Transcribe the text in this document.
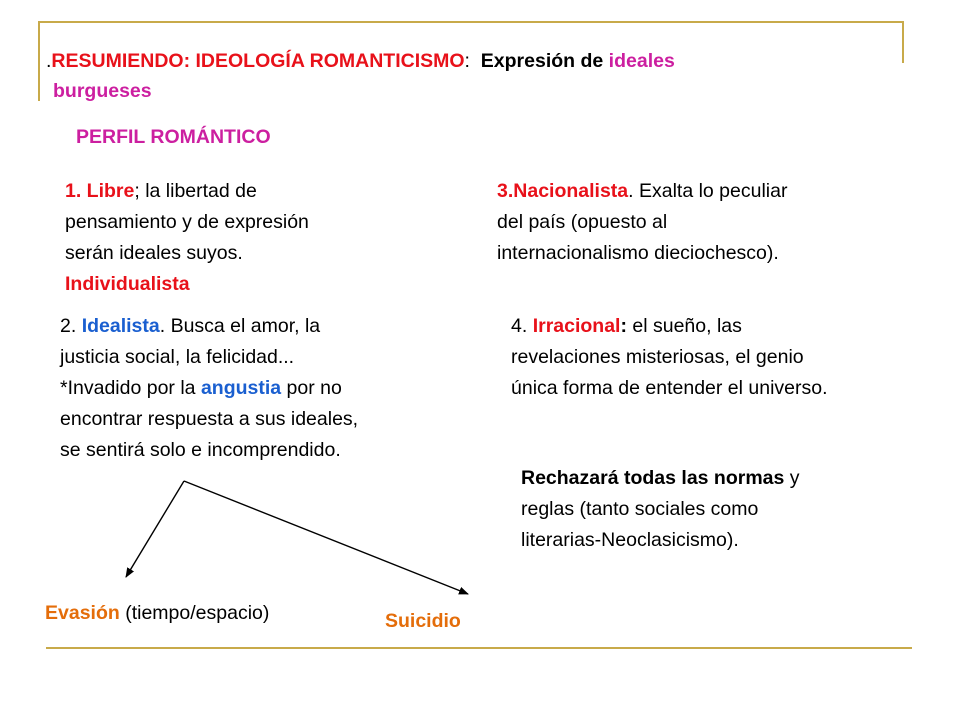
.RESUMIENDO: IDEOLOGÍA ROMANTICISMO: Expresión de ideales
burgueses
PERFIL ROMÁNTICO
1. Libre; la libertad de
pensamiento y de expresión
serán ideales suyos.
Individualista
3.Nacionalista. Exalta lo peculiar
del país (opuesto al
internacionalismo dieciochesco).
2. Idealista. Busca el amor, la
justicia social, la felicidad...
*Invadido por la angustia por no
encontrar respuesta a sus ideales,
se sentirá solo e incomprendido.
4. Irracional: el sueño, las
revelaciones misteriosas, el genio
única forma de entender el universo.
Rechazará todas las normas y
reglas (tanto sociales como
literarias-Neoclasicismo).
Evasión (tiempo/espacio)	Suicidio
